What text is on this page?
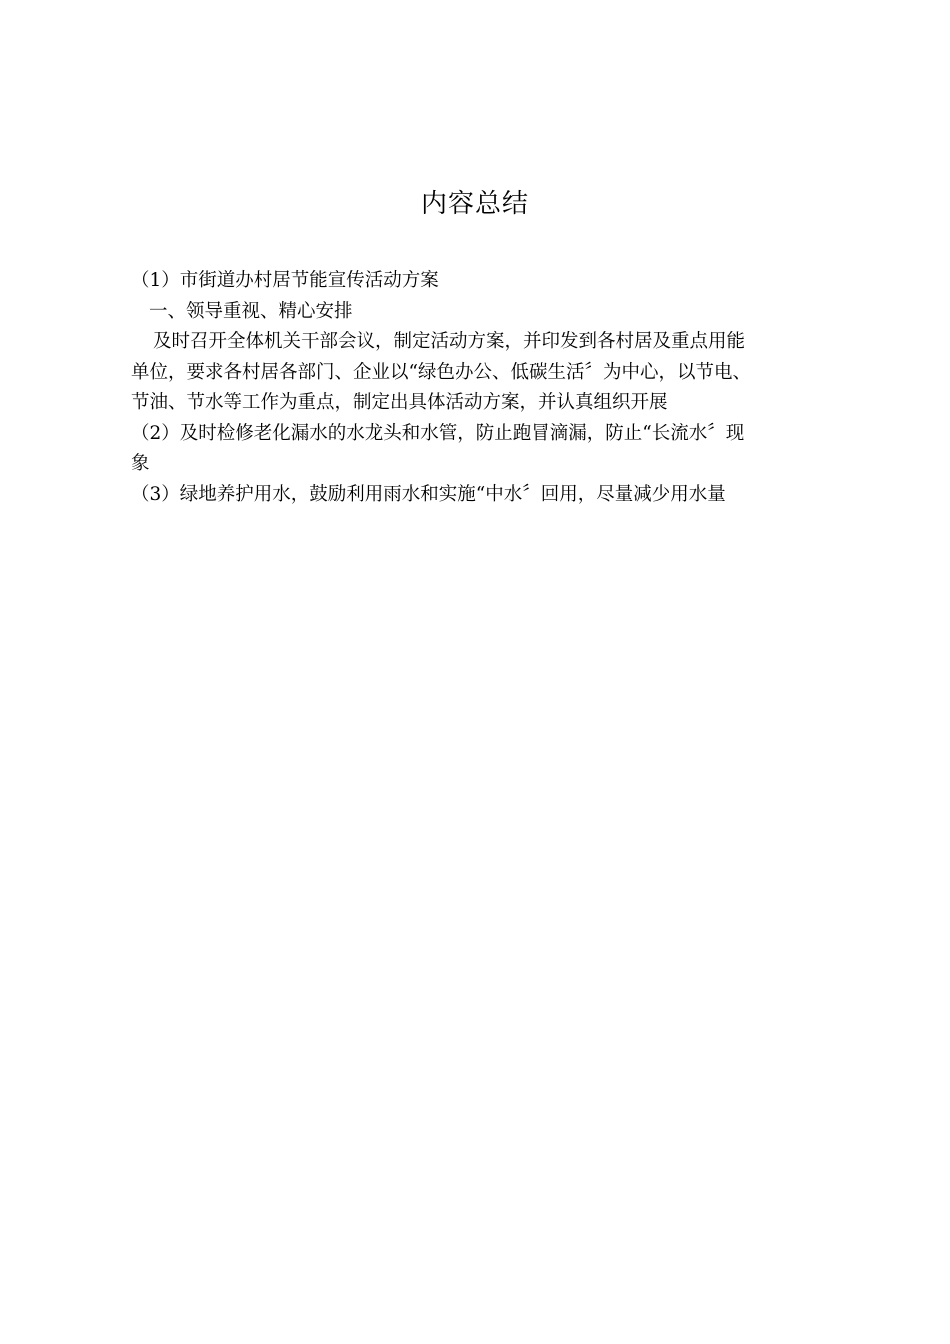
内容总结
（1）市街道办村居节能宣传活动方案
一、领导重视、精心安排
及时召开全体机关干部会议，制定活动方案，并印发到各村居及重点用能
单位，要求各村居各部门、企业以“绿色办公、低碳生活〞为中心，以节电、
节油、节水等工作为重点，制定出具体活动方案，并认真组织开展
（2）及时检修老化漏水的水龙头和水管，防止跑冒滴漏，防止“长流水〞现
象
（3）绿地养护用水，鼓励利用雨水和实施“中水〞回用，尽量减少用水量
